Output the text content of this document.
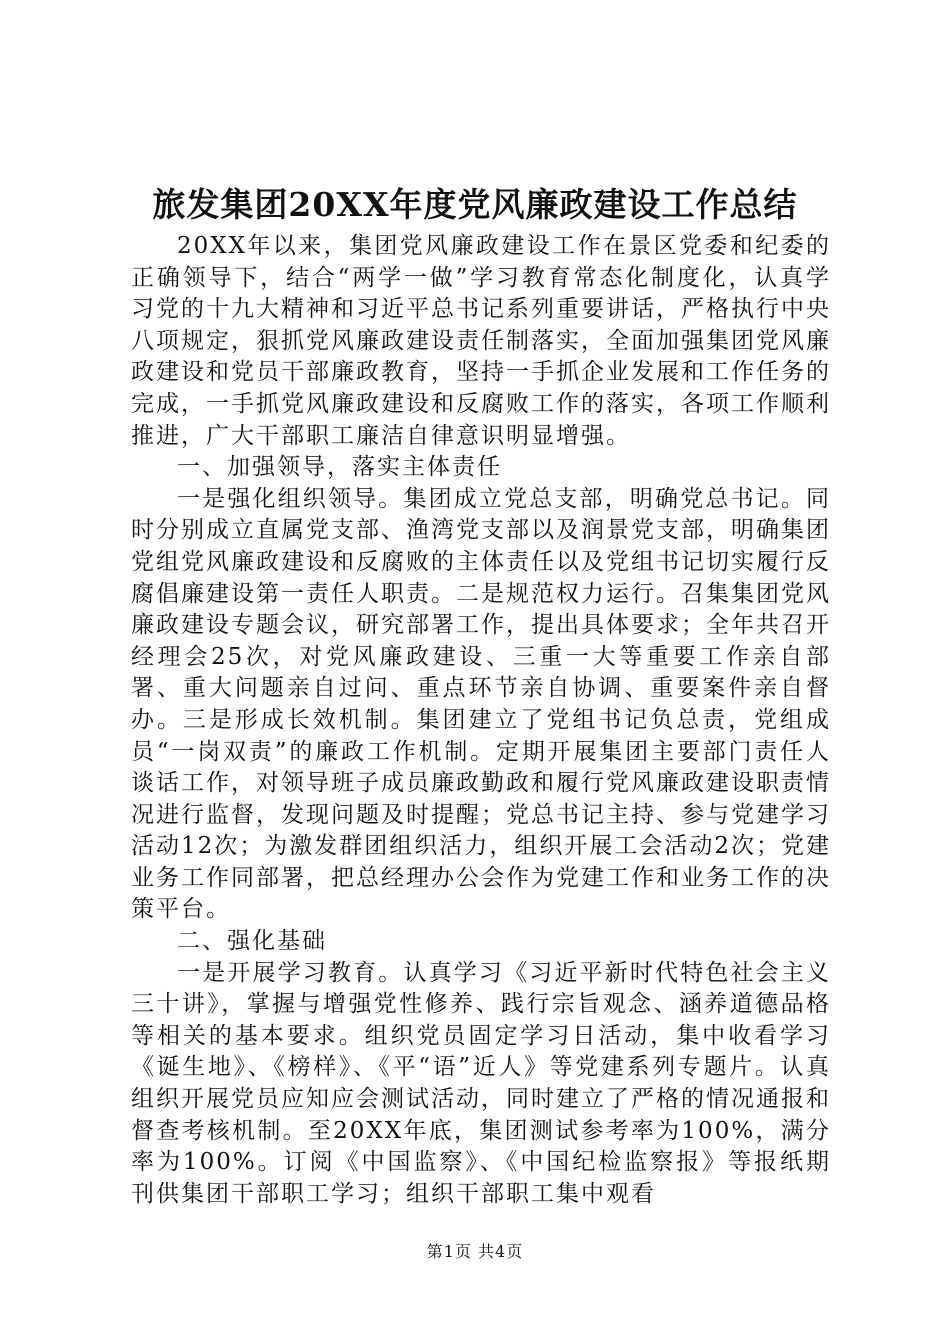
旅发集团20XX年度党风廉政建设工作总结

20XX年以来，集团党风廉政建设工作在景区党委和纪委的正确领导下，结合“两学一做”学习教育常态化制度化，认真学习党的十九大精神和习近平总书记系列重要讲话，严格执行中央八项规定，狠抓党风廉政建设责任制落实，全面加强集团党风廉政建设和党员干部廉政教育，坚持一手抓企业发展和工作任务的完成，一手抓党风廉政建设和反腐败工作的落实，各项工作顺利推进，广大干部职工廉洁自律意识明显增强。

一、加强领导，落实主体责任

一是强化组织领导。集团成立党总支部，明确党总书记。同时分别成立直属党支部、渔湾党支部以及润景党支部，明确集团党组党风廉政建设和反腐败的主体责任以及党组书记切实履行反腐倡廉建设第一责任人职责。二是规范权力运行。召集集团党风廉政建设专题会议，研究部署工作，提出具体要求；全年共召开经理会25次，对党风廉政建设、三重一大等重要工作亲自部署、重大问题亲自过问、重点环节亲自协调、重要案件亲自督办。三是形成长效机制。集团建立了党组书记负总责，党组成员“一岗双责”的廉政工作机制。定期开展集团主要部门责任人谈话工作，对领导班子成员廉政勤政和履行党风廉政建设职责情况进行监督，发现问题及时提醒；党总书记主持、参与党建学习活动12次；为激发群团组织活力，组织开展工会活动2次；党建业务工作同部署，把总经理办公会作为党建工作和业务工作的决策平台。

二、强化基础

一是开展学习教育。认真学习《习近平新时代特色社会主义三十讲》，掌握与增强党性修养、践行宗旨观念、涵养道德品格等相关的基本要求。组织党员固定学习日活动，集中收看学习《诞生地》、《榜样》、《平“语”近人》等党建系列专题片。认真组织开展党员应知应会测试活动，同时建立了严格的情况通报和督查考核机制。至20XX年底，集团测试参考率为100%，满分率为100%。订阅《中国监察》、《中国纪检监察报》等报纸期刊供集团干部职工学习；组织干部职工集中观看

第1页 共4页
